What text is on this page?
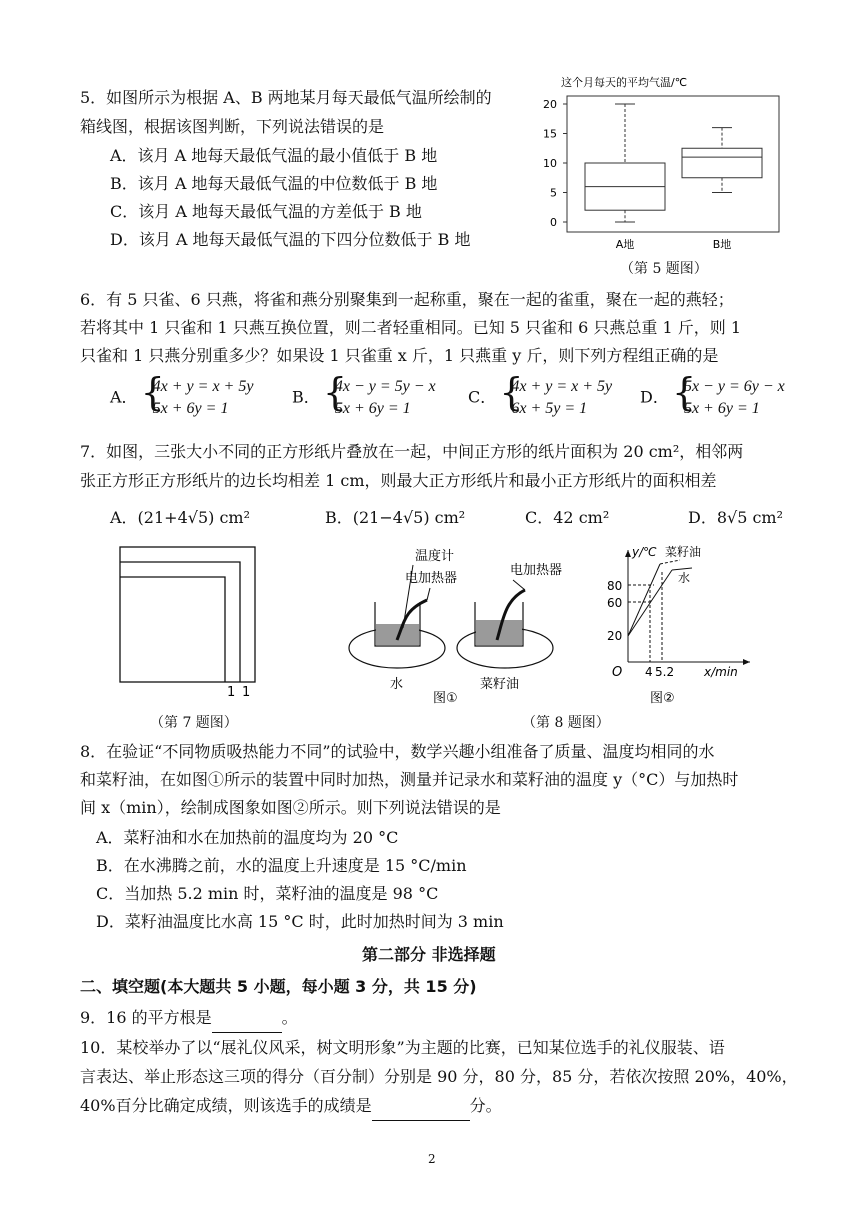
5．如图所示为根据 A、B 两地某月每天最低气温所绘制的
箱线图，根据该图判断，下列说法错误的是
A．该月 A 地每天最低气温的最小值低于 B 地
B．该月 A 地每天最低气温的中位数低于 B 地
C．该月 A 地每天最低气温的方差低于 B 地
D．该月 A 地每天最低气温的下四分位数低于 B 地
这个月每天的平均气温/℃
0
5
10
15
20
A地	B地
（第 5 题图）
6．有 5 只雀、6 只燕，将雀和燕分别聚集到一起称重，聚在一起的雀重，聚在一起的燕轻；
若将其中 1 只雀和 1 只燕互换位置，则二者轻重相同。已知 5 只雀和 6 只燕总重 1 斤，则 1
只雀和 1 只燕分别重多少？如果设 1 只雀重 x 斤，1 只燕重 y 斤，则下列方程组正确的是
A． {
4x + y = x + 5y
5x + 6y = 1
B． {
4x − y = 5y − x
5x + 6y = 1
C． {
4x + y = x + 5y
6x + 5y = 1
D． {
5x − y = 6y − x
5x + 6y = 1
7．如图，三张大小不同的正方形纸片叠放在一起，中间正方形的纸片面积为 20 cm²，相邻两
张正方形正方形纸片的边长均相差 1 cm，则最大正方形纸片和最小正方形纸片的面积相差
A．(21+4√5) cm²	B．(21−4√5) cm²	C．42 cm²	D．8√5 cm²
1 1
（第 7 题图）
温度计
电加热器
电加热器
水	菜籽油
图①
y/℃ 菜籽油
水
80
60
20
O 4 5.2 x/min
图②
（第 8 题图）
8．在验证“不同物质吸热能力不同”的试验中，数学兴趣小组准备了质量、温度均相同的水
和菜籽油，在如图①所示的装置中同时加热，测量并记录水和菜籽油的温度 y（°C）与加热时
间 x（min），绘制成图象如图②所示。则下列说法错误的是
A．菜籽油和水在加热前的温度均为 20 °C
B．在水沸腾之前，水的温度上升速度是 15 °C/min
C．当加热 5.2 min 时，菜籽油的温度是 98 °C
D．菜籽油温度比水高 15 °C 时，此时加热时间为 3 min
第二部分 非选择题
二、填空题(本大题共 5 小题，每小题 3 分，共 15 分)
9．16 的平方根是	。
10．某校举办了以“展礼仪风采，树文明形象”为主题的比赛，已知某位选手的礼仪服装、语
言表达、举止形态这三项的得分（百分制）分别是 90 分，80 分，85 分，若依次按照 20%，40%，
40%百分比确定成绩，则该选手的成绩是	分。
2
